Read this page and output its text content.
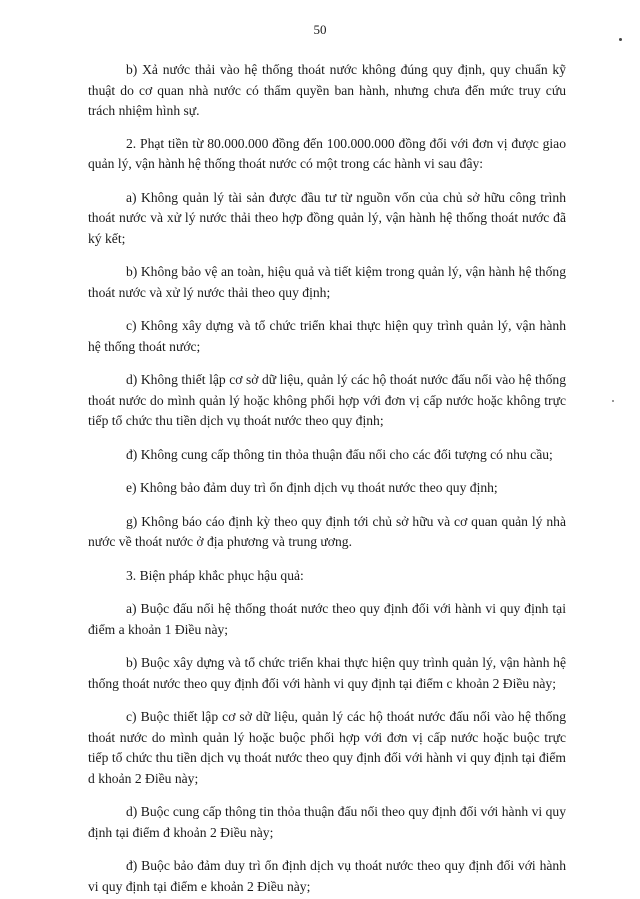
50

b) Xả nước thải vào hệ thống thoát nước không đúng quy định, quy chuẩn kỹ thuật do cơ quan nhà nước có thẩm quyền ban hành, nhưng chưa đến mức truy cứu trách nhiệm hình sự.

2. Phạt tiền từ 80.000.000 đồng đến 100.000.000 đồng đối với đơn vị được giao quản lý, vận hành hệ thống thoát nước có một trong các hành vi sau đây:

a) Không quản lý tài sản được đầu tư từ nguồn vốn của chủ sở hữu công trình thoát nước và xử lý nước thải theo hợp đồng quản lý, vận hành hệ thống thoát nước đã ký kết;

b) Không bảo vệ an toàn, hiệu quả và tiết kiệm trong quản lý, vận hành hệ thống thoát nước và xử lý nước thải theo quy định;

c) Không xây dựng và tổ chức triển khai thực hiện quy trình quản lý, vận hành hệ thống thoát nước;

d) Không thiết lập cơ sở dữ liệu, quản lý các hộ thoát nước đấu nối vào hệ thống thoát nước do mình quản lý hoặc không phối hợp với đơn vị cấp nước hoặc không trực tiếp tổ chức thu tiền dịch vụ thoát nước theo quy định;

đ) Không cung cấp thông tin thỏa thuận đấu nối cho các đối tượng có nhu cầu;

e) Không bảo đảm duy trì ổn định dịch vụ thoát nước theo quy định;

g) Không báo cáo định kỳ theo quy định tới chủ sở hữu và cơ quan quản lý nhà nước về thoát nước ở địa phương và trung ương.

3. Biện pháp khắc phục hậu quả:

a) Buộc đấu nối hệ thống thoát nước theo quy định đối với hành vi quy định tại điểm a khoản 1 Điều này;

b) Buộc xây dựng và tổ chức triển khai thực hiện quy trình quản lý, vận hành hệ thống thoát nước theo quy định đối với hành vi quy định tại điểm c khoản 2 Điều này;

c) Buộc thiết lập cơ sở dữ liệu, quản lý các hộ thoát nước đấu nối vào hệ thống thoát nước do mình quản lý hoặc buộc phối hợp với đơn vị cấp nước hoặc buộc trực tiếp tổ chức thu tiền dịch vụ thoát nước theo quy định đối với hành vi quy định tại điểm d khoản 2 Điều này;

d) Buộc cung cấp thông tin thỏa thuận đấu nối theo quy định đối với hành vi quy định tại điểm đ khoản 2 Điều này;

đ) Buộc bảo đảm duy trì ổn định dịch vụ thoát nước theo quy định đối với hành vi quy định tại điểm e khoản 2 Điều này;
